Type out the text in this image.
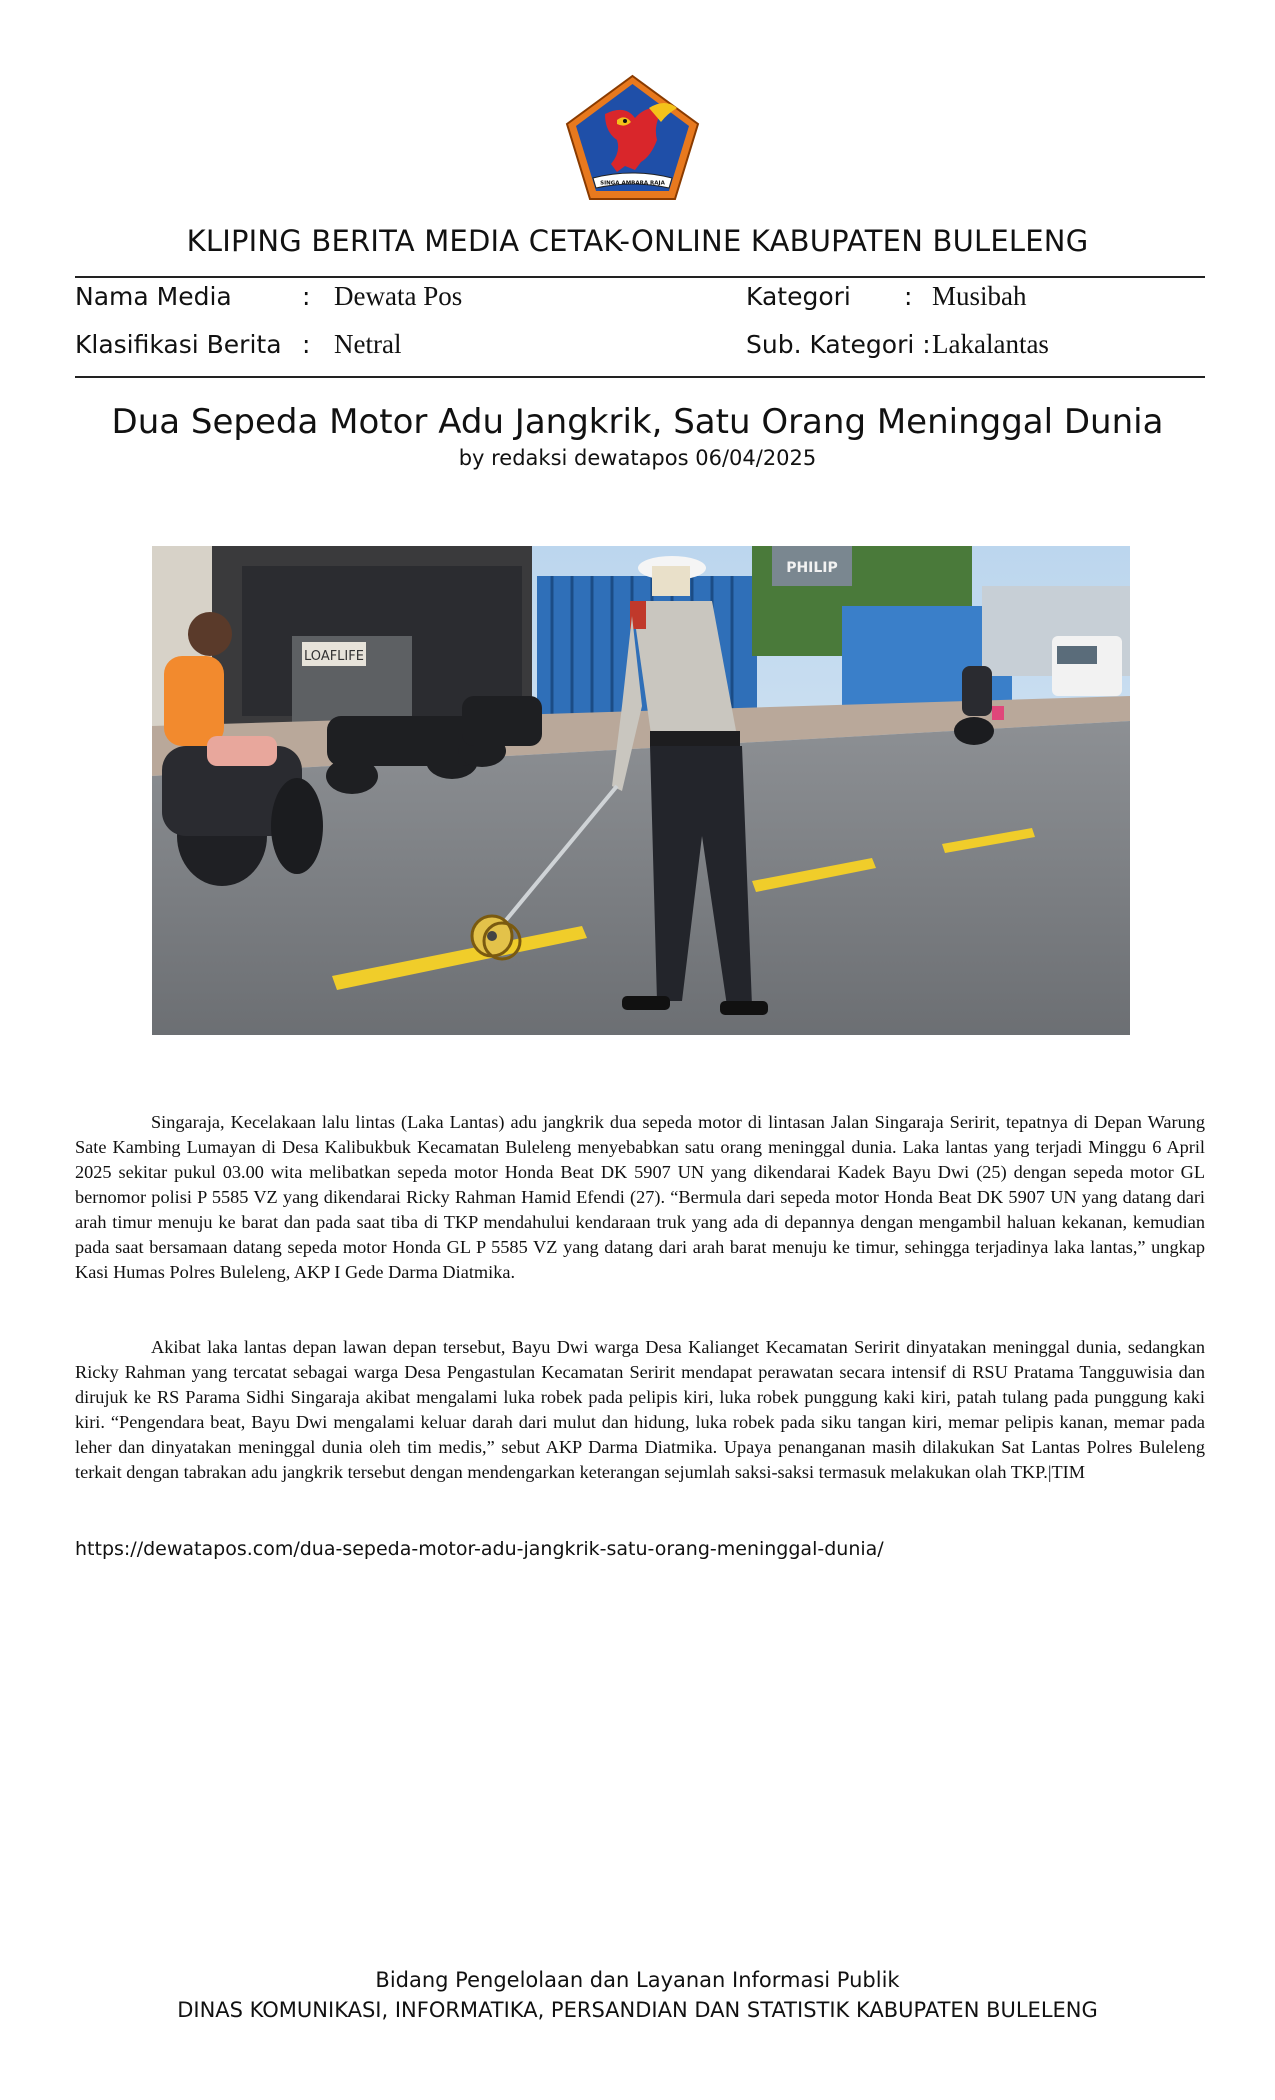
SINGA AMBARA RAJA
KLIPING BERITA MEDIA CETAK-ONLINE KABUPATEN BULELENG
Nama Media	: Dewata Pos	Kategori : Musibah
Klasifikasi Berita : Netral	Sub. Kategori : Lakalantas
Dua Sepeda Motor Adu Jangkrik, Satu Orang Meninggal Dunia
by redaksi dewatapos 06/04/2025
LOAFLIFE
PHILIP

Singaraja, Kecelakaan lalu lintas (Laka Lantas) adu jangkrik dua sepeda motor di lintasan Jalan Singaraja Seririt, tepatnya di Depan Warung Sate Kambing Lumayan di Desa Kalibukbuk Kecamatan Buleleng menyebabkan satu orang meninggal dunia. Laka lantas yang terjadi Minggu 6 April 2025 sekitar pukul 03.00 wita melibatkan sepeda motor Honda Beat DK 5907 UN yang dikendarai Kadek Bayu Dwi (25) dengan sepeda motor GL bernomor polisi P 5585 VZ yang dikendarai Ricky Rahman Hamid Efendi (27). “Bermula dari sepeda motor Honda Beat DK 5907 UN yang datang dari arah timur menuju ke barat dan pada saat tiba di TKP mendahului kendaraan truk yang ada di depannya dengan mengambil haluan kekanan, kemudian pada saat bersamaan datang sepeda motor Honda GL P 5585 VZ yang datang dari arah barat menuju ke timur, sehingga terjadinya laka lantas,” ungkap Kasi Humas Polres Buleleng, AKP I Gede Darma Diatmika.

Akibat laka lantas depan lawan depan tersebut, Bayu Dwi warga Desa Kalianget Kecamatan Seririt dinyatakan meninggal dunia, sedangkan Ricky Rahman yang tercatat sebagai warga Desa Pengastulan Kecamatan Seririt mendapat perawatan secara intensif di RSU Pratama Tangguwisia dan dirujuk ke RS Parama Sidhi Singaraja akibat mengalami luka robek pada pelipis kiri, luka robek punggung kaki kiri, patah tulang pada punggung kaki kiri. “Pengendara beat, Bayu Dwi mengalami keluar darah dari mulut dan hidung, luka robek pada siku tangan kiri, memar pelipis kanan, memar pada leher dan dinyatakan meninggal dunia oleh tim medis,” sebut AKP Darma Diatmika. Upaya penanganan masih dilakukan Sat Lantas Polres Buleleng terkait dengan tabrakan adu jangkrik tersebut dengan mendengarkan keterangan sejumlah saksi-saksi termasuk melakukan olah TKP.|TIM

https://dewatapos.com/dua-sepeda-motor-adu-jangkrik-satu-orang-meninggal-dunia/
Bidang Pengelolaan dan Layanan Informasi Publik
DINAS KOMUNIKASI, INFORMATIKA, PERSANDIAN DAN STATISTIK KABUPATEN BULELENG
